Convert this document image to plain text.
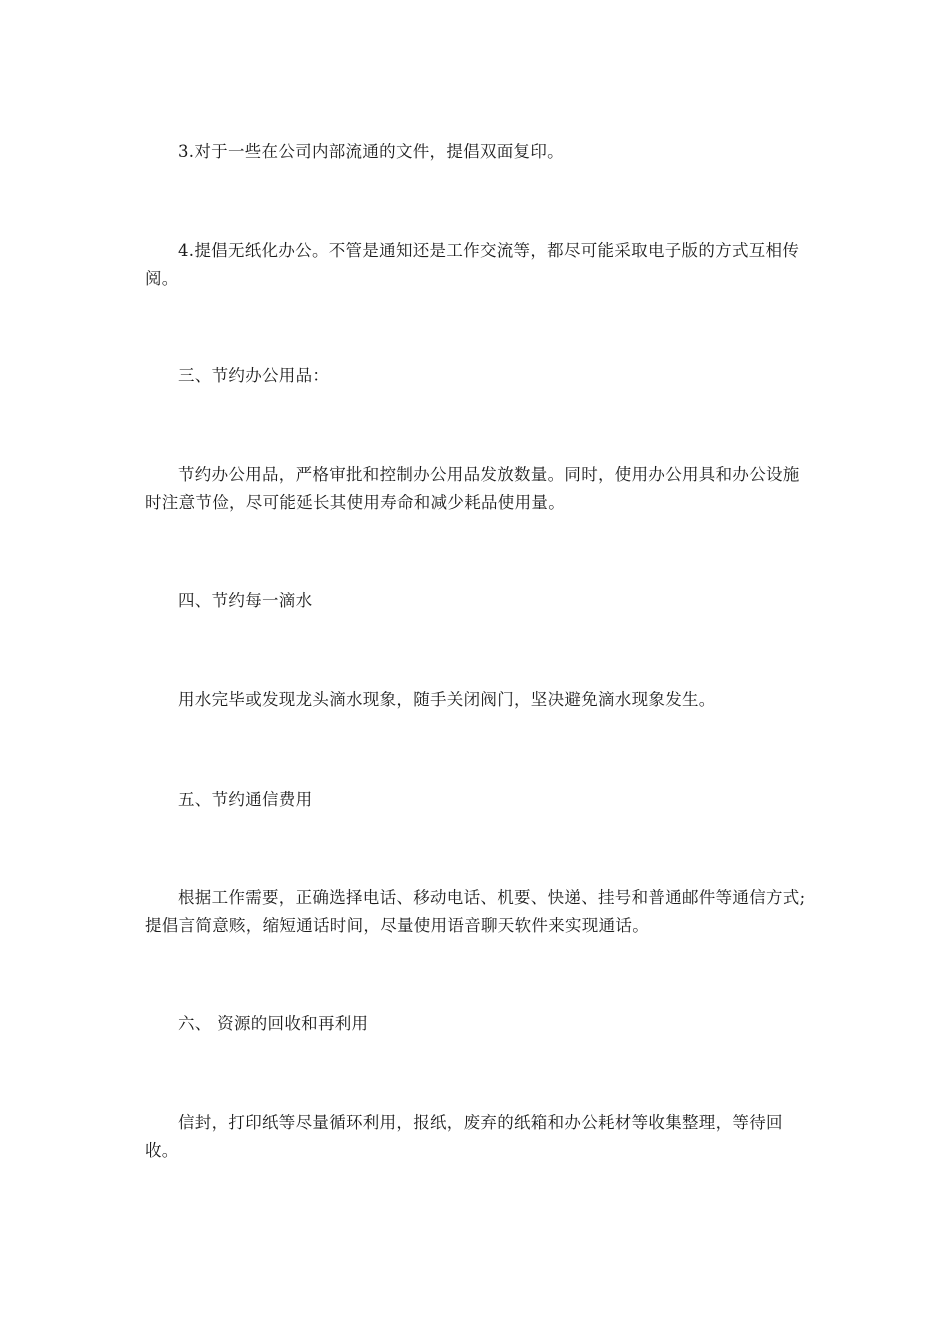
3.对于一些在公司内部流通的文件，提倡双面复印。

4.提倡无纸化办公。不管是通知还是工作交流等，都尽可能采取电子版的方式互相传阅。

三、节约办公用品：

节约办公用品，严格审批和控制办公用品发放数量。同时，使用办公用具和办公设施时注意节俭，尽可能延长其使用寿命和减少耗品使用量。

四、节约每一滴水

用水完毕或发现龙头滴水现象，随手关闭阀门，坚决避免滴水现象发生。

五、节约通信费用

根据工作需要，正确选择电话、移动电话、机要、快递、挂号和普通邮件等通信方式;提倡言简意赅，缩短通话时间，尽量使用语音聊天软件来实现通话。

六、 资源的回收和再利用

信封，打印纸等尽量循环利用，报纸，废弃的纸箱和办公耗材等收集整理，等待回收。
